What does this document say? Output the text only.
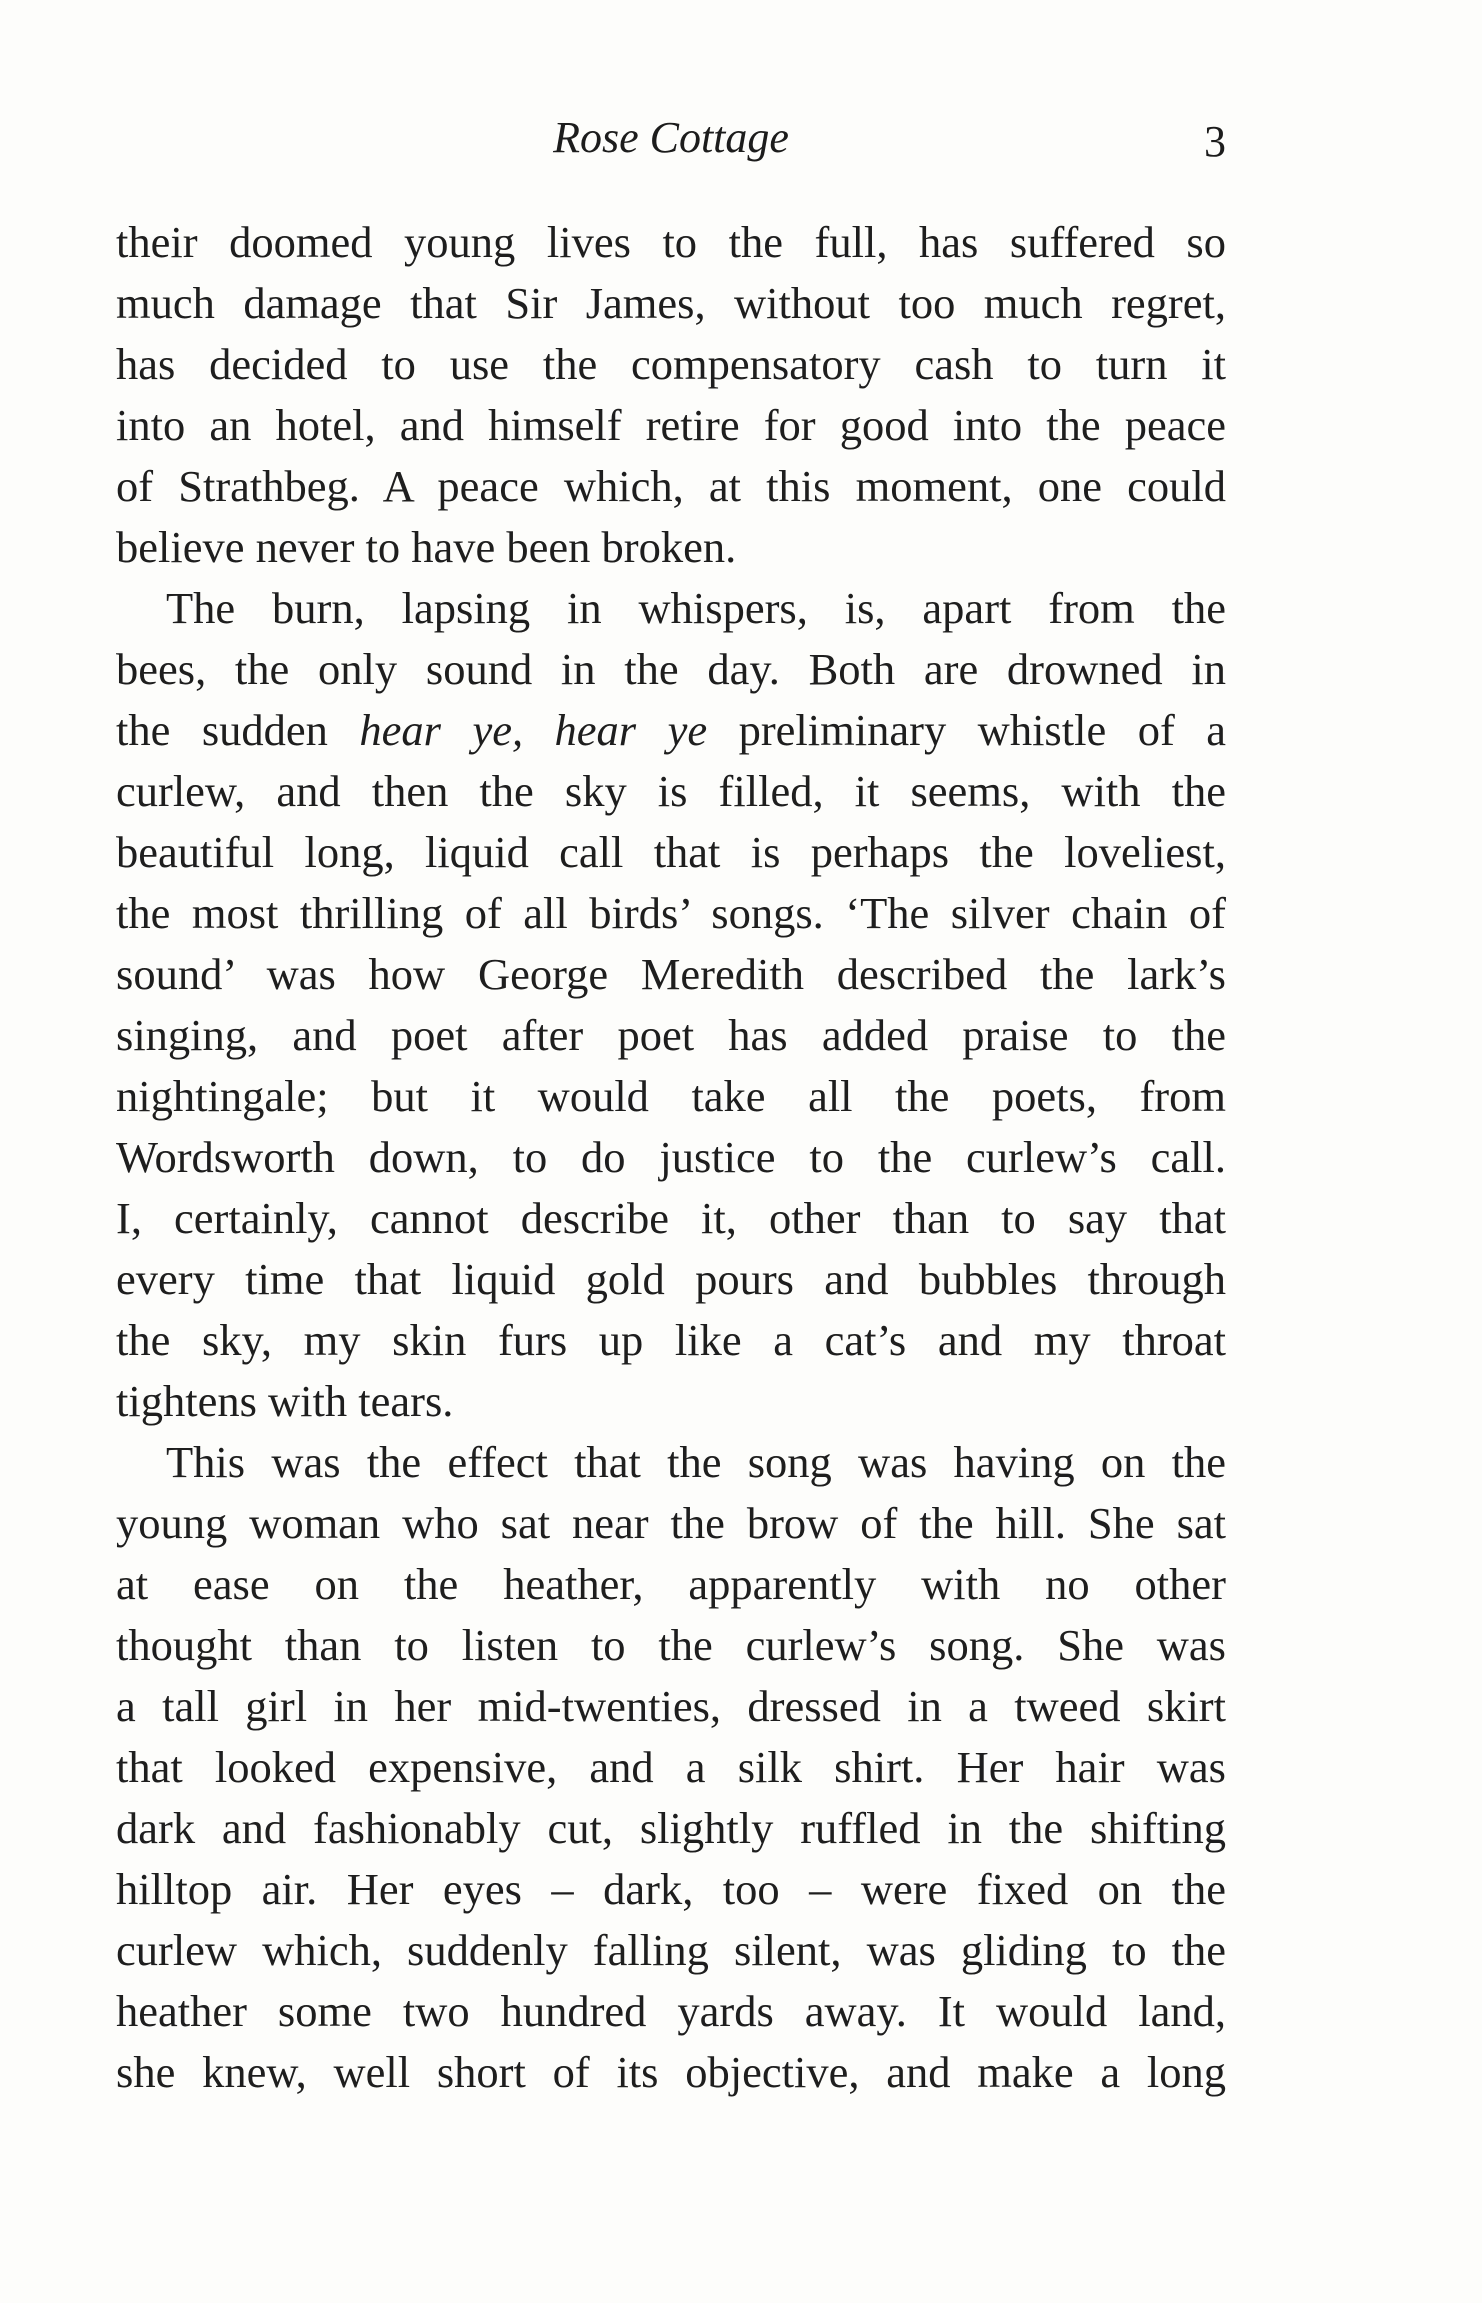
Rose Cottage	3
their doomed young lives to the full, has suffered so
much damage that Sir James, without too much regret,
has decided to use the compensatory cash to turn it
into an hotel, and himself retire for good into the peace
of Strathbeg. A peace which, at this moment, one could
believe never to have been broken.
The burn, lapsing in whispers, is, apart from the
bees, the only sound in the day. Both are drowned in
the sudden hear ye, hear ye preliminary whistle of a
curlew, and then the sky is filled, it seems, with the
beautiful long, liquid call that is perhaps the loveliest,
the most thrilling of all birds’ songs. ‘The silver chain of
sound’ was how George Meredith described the lark’s
singing, and poet after poet has added praise to the
nightingale; but it would take all the poets, from
Wordsworth down, to do justice to the curlew’s call.
I, certainly, cannot describe it, other than to say that
every time that liquid gold pours and bubbles through
the sky, my skin furs up like a cat’s and my throat
tightens with tears.
This was the effect that the song was having on the
young woman who sat near the brow of the hill. She sat
at ease on the heather, apparently with no other
thought than to listen to the curlew’s song. She was
a tall girl in her mid-twenties, dressed in a tweed skirt
that looked expensive, and a silk shirt. Her hair was
dark and fashionably cut, slightly ruffled in the shifting
hilltop air. Her eyes – dark, too – were fixed on the
curlew which, suddenly falling silent, was gliding to the
heather some two hundred yards away. It would land,
she knew, well short of its objective, and make a long
